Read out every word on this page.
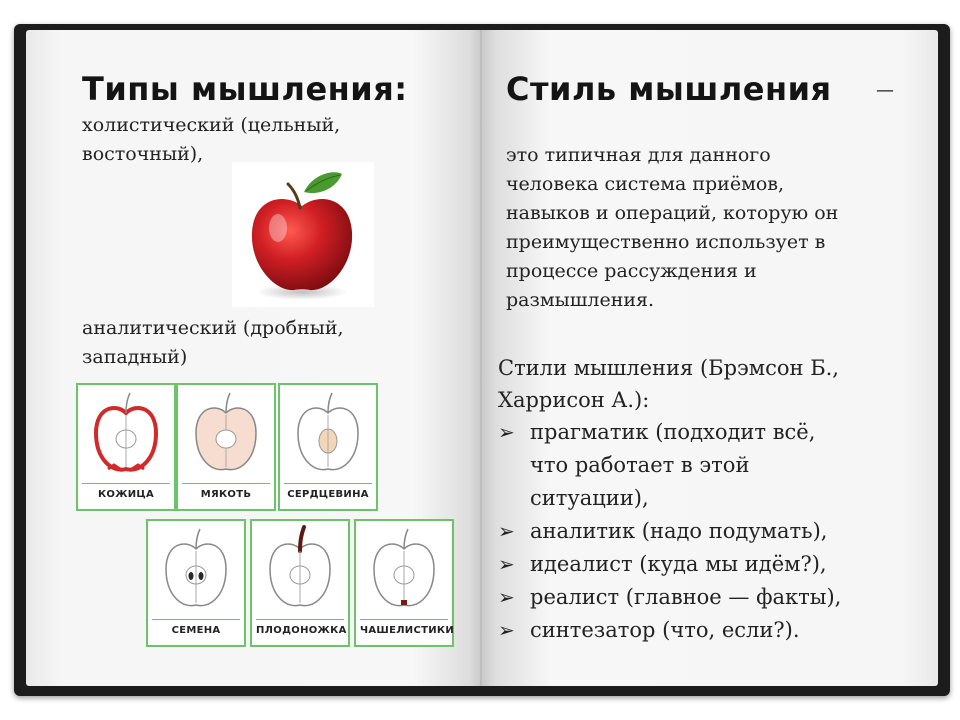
Типы мышления:
холистический (цельный,
восточный),
аналитический (дробный,
западный)
КОЖИЦА	МЯКОТЬ	СЕРДЦЕВИНА
СЕМЕНА	ПЛОДОНОЖКА ЧАШЕЛИСТИКИ
Стиль мышления —
это типичная для данного
человека система приёмов,
навыков и операций, которую он
преимущественно использует в
процессе рассуждения и
размышления.
Стили мышления (Брэмсон Б.,
Харрисон А.):
➢ прагматик (подходит всё,
что работает в этой
ситуации),
➢ аналитик (надо подумать),
➢ идеалист (куда мы идём?),
➢ реалист (главное — факты),
➢ синтезатор (что, если?).
